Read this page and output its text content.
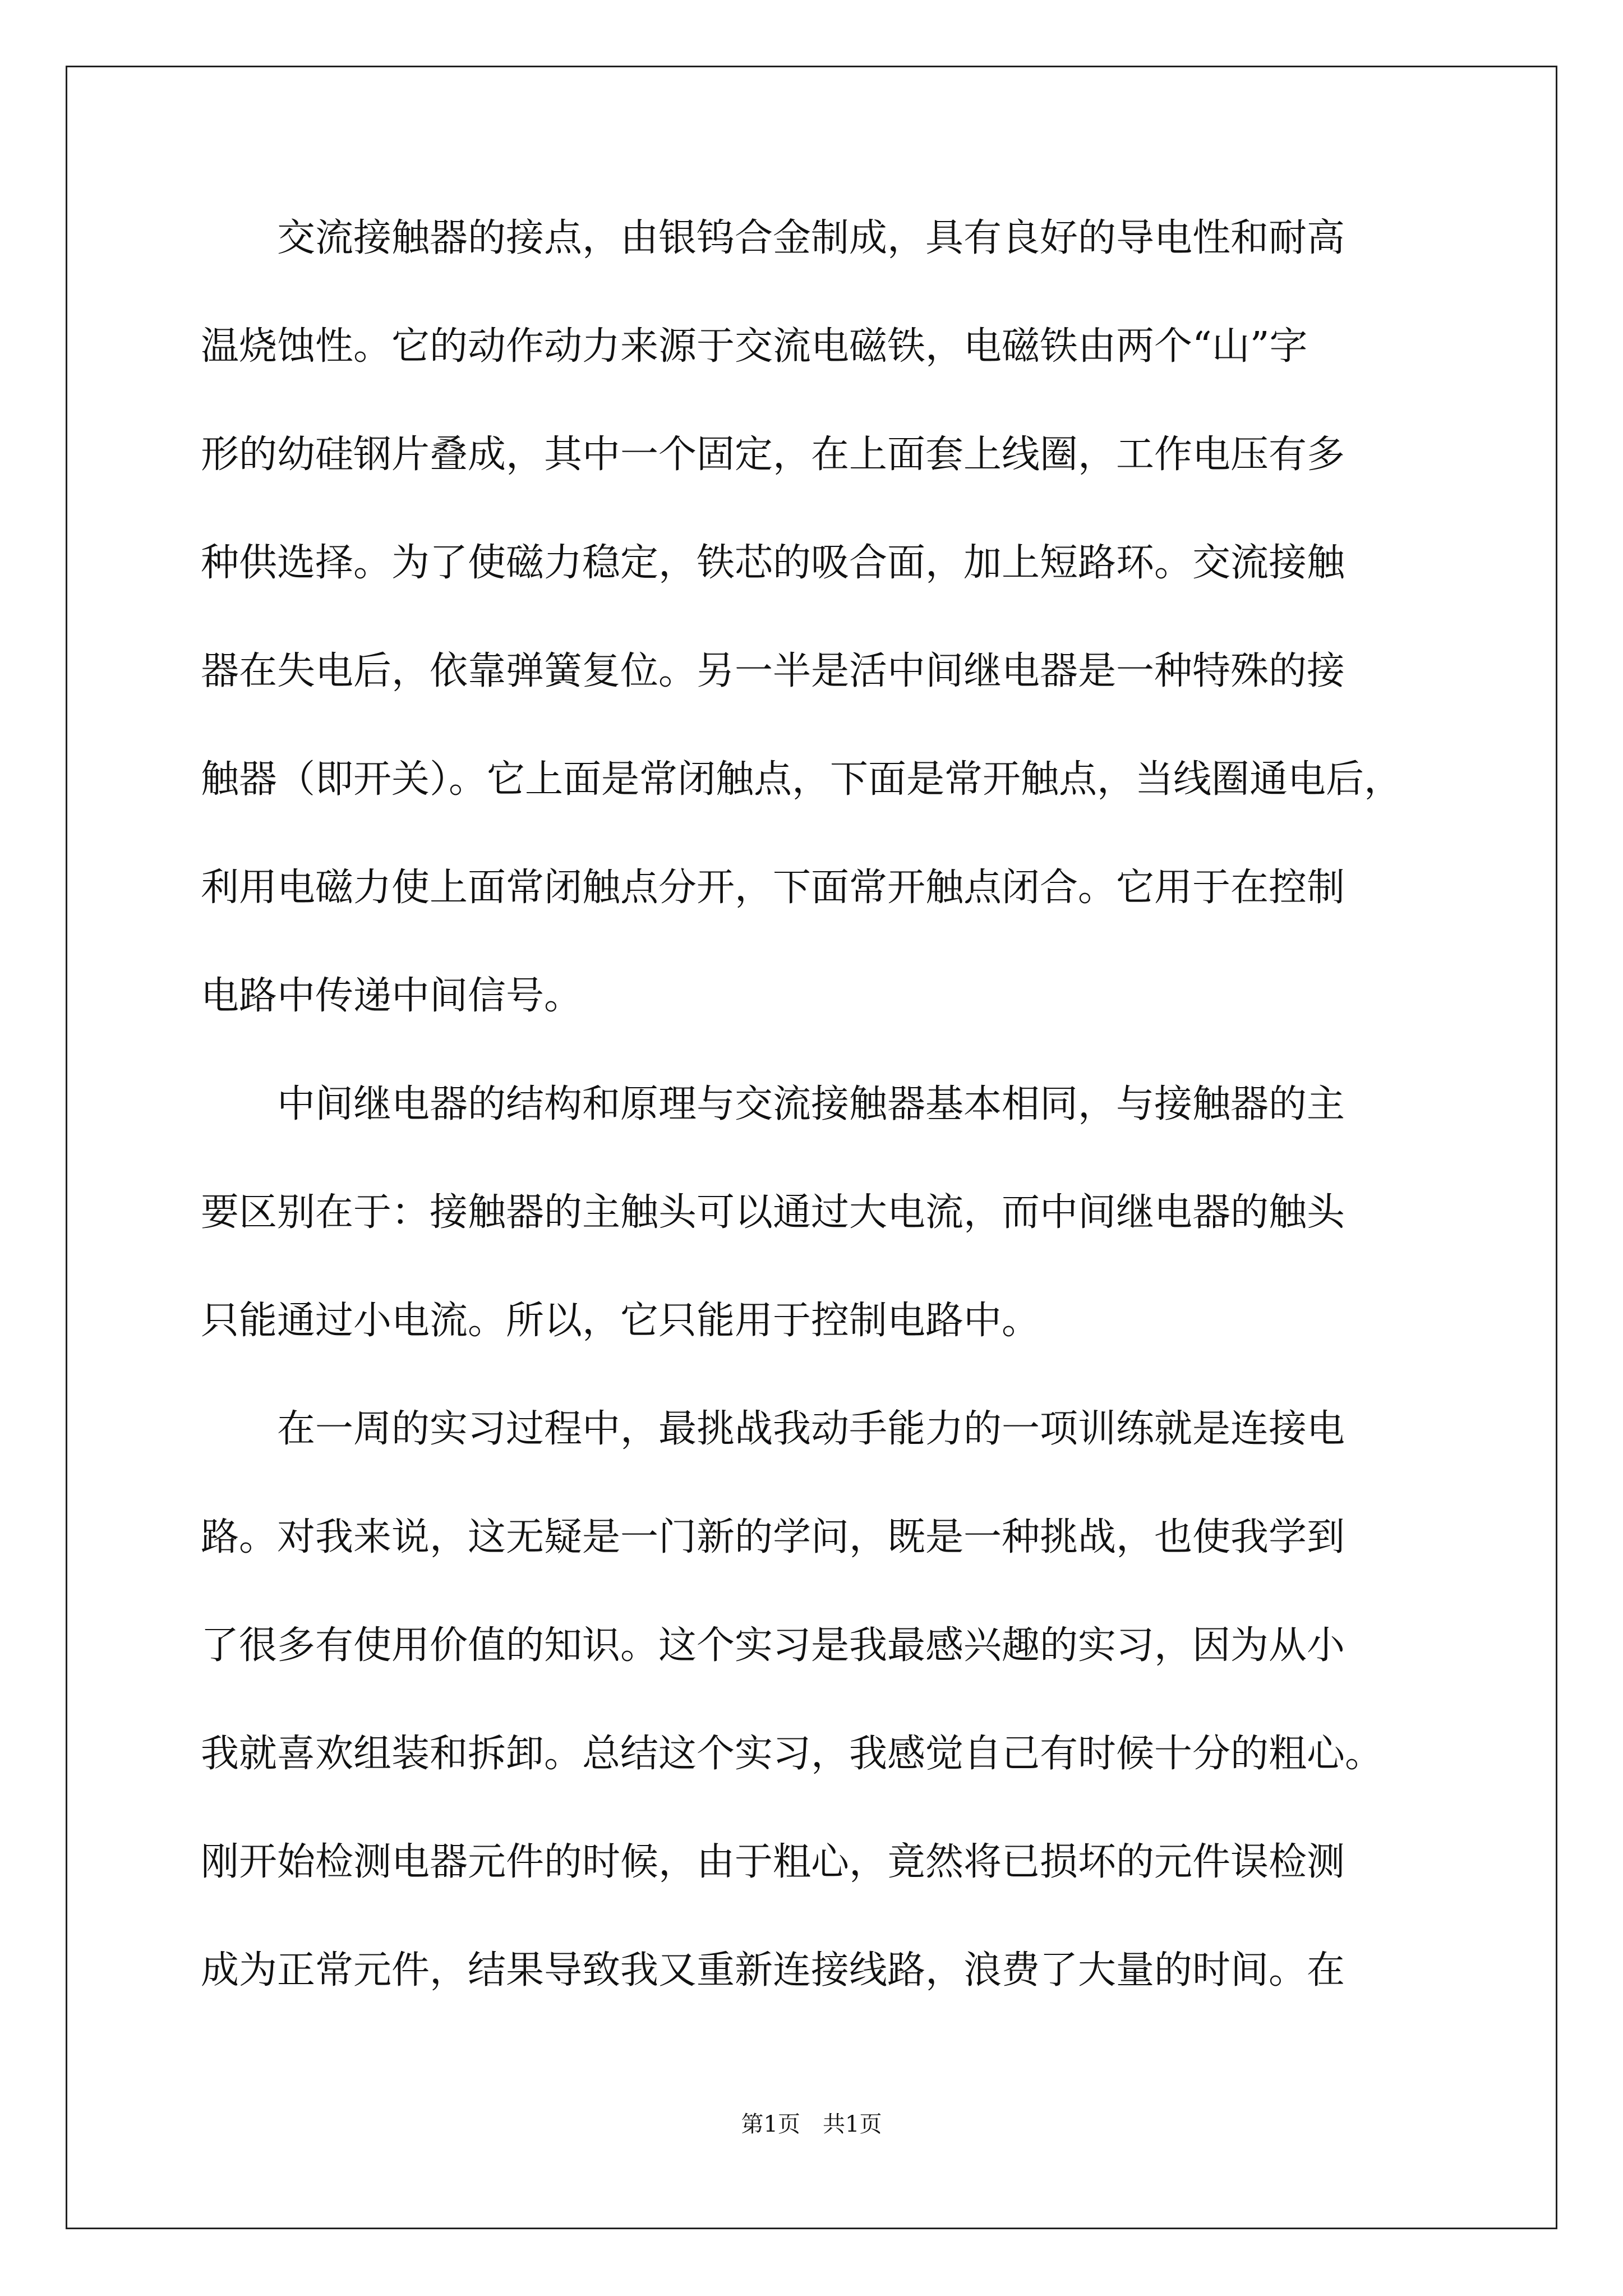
　　交流接触器的接点，由银钨合金制成，具有良好的导电性和耐高
温烧蚀性。它的动作动力来源于交流电磁铁，电磁铁由两个“山”字
形的幼硅钢片叠成，其中一个固定，在上面套上线圈，工作电压有多
种供选择。为了使磁力稳定，铁芯的吸合面，加上短路环。交流接触
器在失电后，依靠弹簧复位。另一半是活中间继电器是一种特殊的接
触器（即开关）。它上面是常闭触点，下面是常开触点，当线圈通电后，
利用电磁力使上面常闭触点分开，下面常开触点闭合。它用于在控制
电路中传递中间信号。
　　中间继电器的结构和原理与交流接触器基本相同，与接触器的主
要区别在于：接触器的主触头可以通过大电流，而中间继电器的触头
只能通过小电流。所以，它只能用于控制电路中。
　　在一周的实习过程中，最挑战我动手能力的一项训练就是连接电
路。对我来说，这无疑是一门新的学问，既是一种挑战，也使我学到
了很多有使用价值的知识。这个实习是我最感兴趣的实习，因为从小
我就喜欢组装和拆卸。总结这个实习，我感觉自己有时候十分的粗心。
刚开始检测电器元件的时候，由于粗心，竟然将已损坏的元件误检测
成为正常元件，结果导致我又重新连接线路，浪费了大量的时间。在
第1页　共1页
